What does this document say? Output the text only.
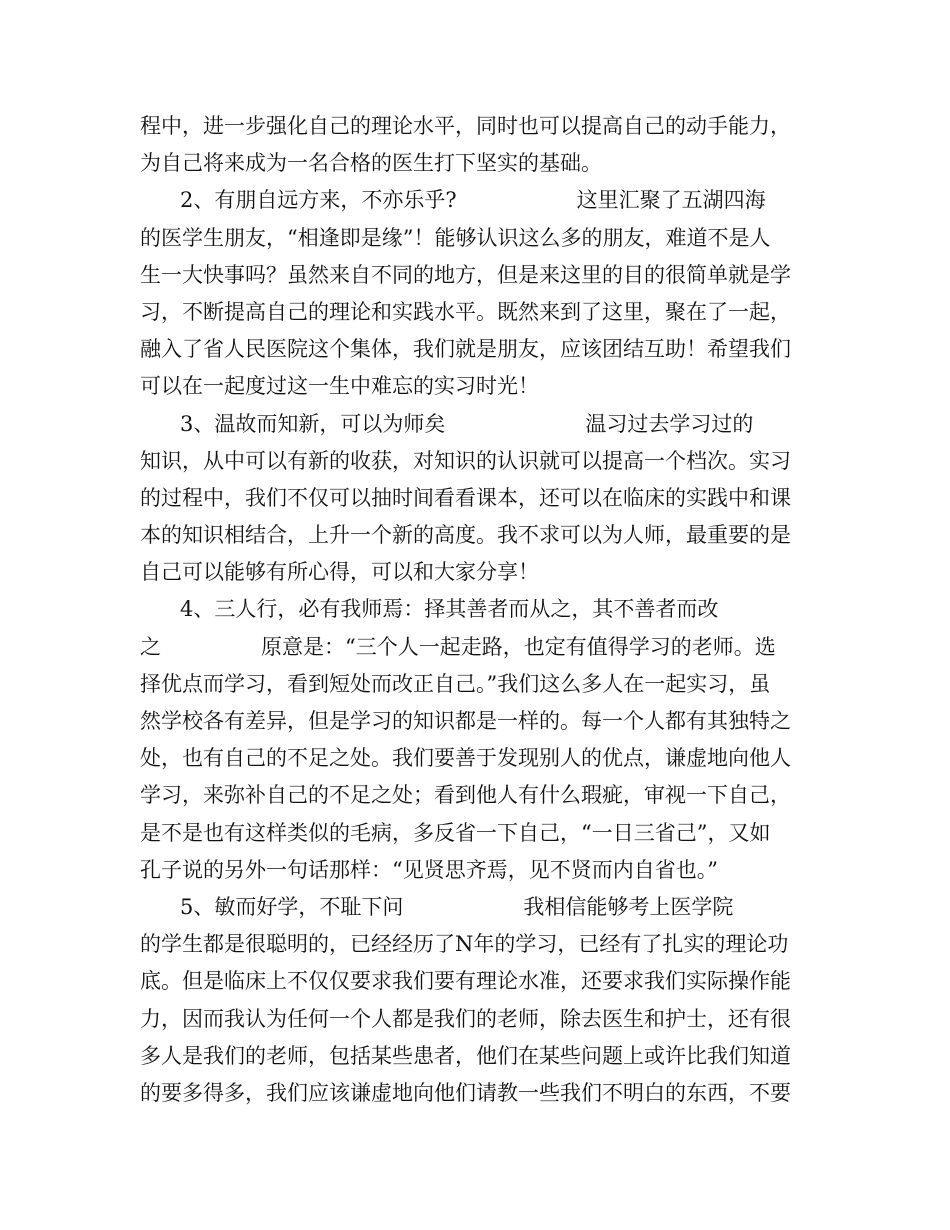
程中，进一步强化自己的理论水平，同时也可以提高自己的动手能力，
为自己将来成为一名合格的医生打下坚实的基础。
2、有朋自远方来，不亦乐乎?	这里汇聚了五湖四海
的医学生朋友，“相逢即是缘”！能够认识这么多的朋友，难道不是人
生一大快事吗？虽然来自不同的地方，但是来这里的目的很简单就是学
习，不断提高自己的理论和实践水平。既然来到了这里，聚在了一起，
融入了省人民医院这个集体，我们就是朋友，应该团结互助！希望我们
可以在一起度过这一生中难忘的实习时光！
3、温故而知新，可以为师矣	温习过去学习过的
知识，从中可以有新的收获，对知识的认识就可以提高一个档次。实习
的过程中，我们不仅可以抽时间看看课本，还可以在临床的实践中和课
本的知识相结合，上升一个新的高度。我不求可以为人师，最重要的是
自己可以能够有所心得，可以和大家分享！
4、三人行，必有我师焉：择其善者而从之，其不善者而改
之	原意是：“三个人一起走路，也定有值得学习的老师。选
择优点而学习，看到短处而改正自己。”我们这么多人在一起实习，虽
然学校各有差异，但是学习的知识都是一样的。每一个人都有其独特之
处，也有自己的不足之处。我们要善于发现别人的优点，谦虚地向他人
学习，来弥补自己的不足之处；看到他人有什么瑕疵，审视一下自己，
是不是也有这样类似的毛病，多反省一下自己，“一日三省己”，又如
孔子说的另外一句话那样：“见贤思齐焉，见不贤而内自省也。”
5、敏而好学，不耻下问	我相信能够考上医学院
的学生都是很聪明的，已经经历了N年的学习，已经有了扎实的理论功
底。但是临床上不仅仅要求我们要有理论水准，还要求我们实际操作能
力，因而我认为任何一个人都是我们的老师，除去医生和护士，还有很
多人是我们的老师，包括某些患者，他们在某些问题上或许比我们知道
的要多得多，我们应该谦虚地向他们请教一些我们不明白的东西，不要
